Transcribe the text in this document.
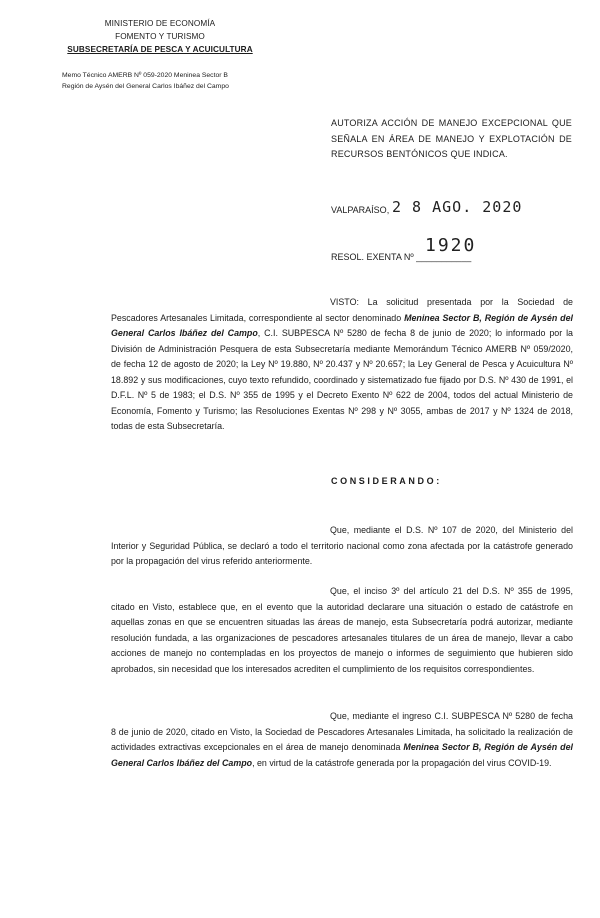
MINISTERIO DE ECONOMÍA
FOMENTO Y TURISMO
SUBSECRETARÍA DE PESCA Y ACUICULTURA
Memo Técnico AMERB Nº 059-2020 Meninea Sector B
Región de Aysén del General Carlos Ibáñez del Campo
AUTORIZA ACCIÓN DE MANEJO EXCEPCIONAL QUE SEÑALA EN ÁREA DE MANEJO Y EXPLOTACIÓN DE RECURSOS BENTÓNICOS QUE INDICA.
VALPARAÍSO, 2 8 AGO. 2020
RESOL. EXENTA Nº ___________
1920
VISTO: La solicitud presentada por la Sociedad de Pescadores Artesanales Limitada, correspondiente al sector denominado Meninea Sector B, Región de Aysén del General Carlos Ibáñez del Campo, C.I. SUBPESCA Nº 5280 de fecha 8 de junio de 2020; lo informado por la División de Administración Pesquera de esta Subsecretaría mediante Memorándum Técnico AMERB Nº 059/2020, de fecha 12 de agosto de 2020; la Ley Nº 19.880, Nº 20.437 y Nº 20.657; la Ley General de Pesca y Acuicultura Nº 18.892 y sus modificaciones, cuyo texto refundido, coordinado y sistematizado fue fijado por D.S. Nº 430 de 1991, el D.F.L. Nº 5 de 1983; el D.S. Nº 355 de 1995 y el Decreto Exento Nº 622 de 2004, todos del actual Ministerio de Economía, Fomento y Turismo; las Resoluciones Exentas Nº 298 y Nº 3055, ambas de 2017 y Nº 1324 de 2018, todas de esta Subsecretaría.
CONSIDERANDO:
Que, mediante el D.S. Nº 107 de 2020, del Ministerio del Interior y Seguridad Pública, se declaró a todo el territorio nacional como zona afectada por la catástrofe generado por la propagación del virus referido anteriormente.
Que, el inciso 3º del artículo 21 del D.S. Nº 355 de 1995, citado en Visto, establece que, en el evento que la autoridad declarare una situación o estado de catástrofe en aquellas zonas en que se encuentren situadas las áreas de manejo, esta Subsecretaría podrá autorizar, mediante resolución fundada, a las organizaciones de pescadores artesanales titulares de un área de manejo, llevar a cabo acciones de manejo no contempladas en los proyectos de manejo o informes de seguimiento que hubieren sido aprobados, sin necesidad que los interesados acrediten el cumplimiento de los requisitos correspondientes.
Que, mediante el ingreso C.I. SUBPESCA Nº 5280 de fecha 8 de junio de 2020, citado en Visto, la Sociedad de Pescadores Artesanales Limitada, ha solicitado la realización de actividades extractivas excepcionales en el área de manejo denominada Meninea Sector B, Región de Aysén del General Carlos Ibáñez del Campo, en virtud de la catástrofe generada por la propagación del virus COVID-19.
